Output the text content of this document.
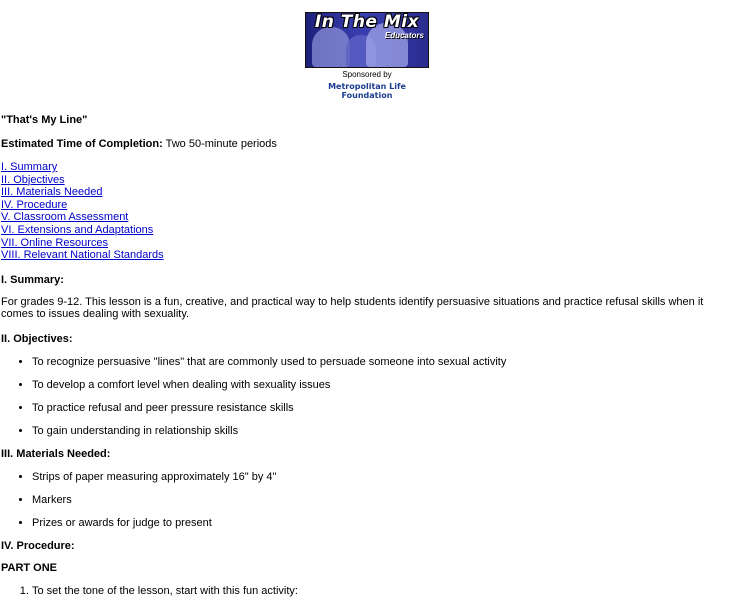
In The Mix
Educators
Sponsored by
Metropolitan Life
Foundation

"That's My Line"

Estimated Time of Completion: Two 50-minute periods

I. Summary
II. Objectives
III. Materials Needed
IV. Procedure
V. Classroom Assessment
VI. Extensions and Adaptations
VII. Online Resources
VIII. Relevant National Standards
I. Summary:

For grades 9-12. This lesson is a fun, creative, and practical way to help students identify persuasive situations and practice refusal skills when it comes to issues dealing with sexuality.

II. Objectives:
• To recognize persuasive "lines" that are commonly used to persuade someone into sexual activity
• To develop a comfort level when dealing with sexuality issues
• To practice refusal and peer pressure resistance skills
• To gain understanding in relationship skills
III. Materials Needed:
• Strips of paper measuring approximately 16" by 4"
• Markers
• Prizes or awards for judge to present
IV. Procedure:

PART ONE

1. To set the tone of the lesson, start with this fun activity:
